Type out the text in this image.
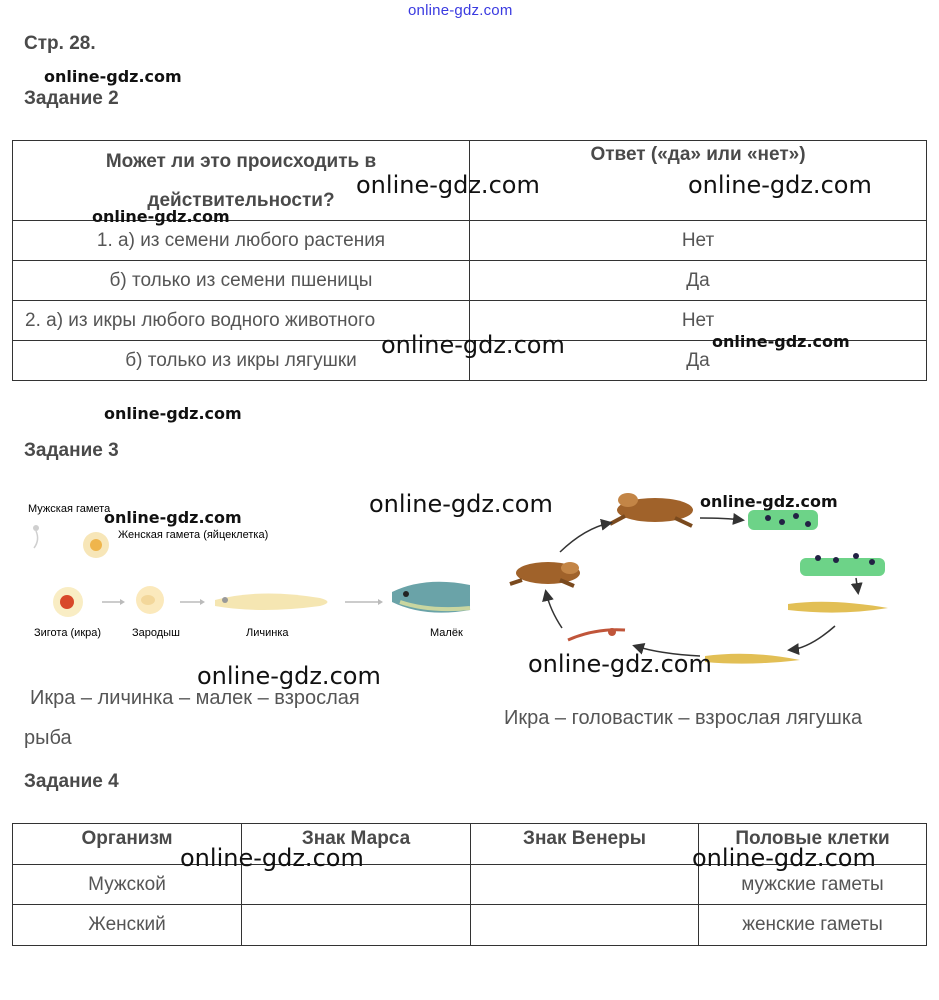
online-gdz.com
Стр. 28.
online-gdz.com
Задание 2
Может ли это происходить в действительности?	Ответ («да» или «нет»)
1. а) из семени любого растения	Нет
б) только из семени пшеницы	Да
2. а) из икры любого водного животного	Нет
б) только из икры лягушки	Да
online-gdz.com	online-gdz.com
online-gdz.com
online-gdz.com	online-gdz.com
online-gdz.com
Задание 3
Мужская гамета
Женская гамета (яйцеклетка)
Зигота (икра)	Зародыш	Личинка	Малёк
online-gdz.com	online-gdz.com	online-gdz.com
online-gdz.com
online-gdz.com
Икра – личинка – малек – взрослая
рыба
Икра – головастик – взрослая лягушка
Задание 4
Организм	Знак Марса	Знак Венеры	Половые клетки
Мужской			мужские гаметы
Женский			женские гаметы
online-gdz.com	online-gdz.com
